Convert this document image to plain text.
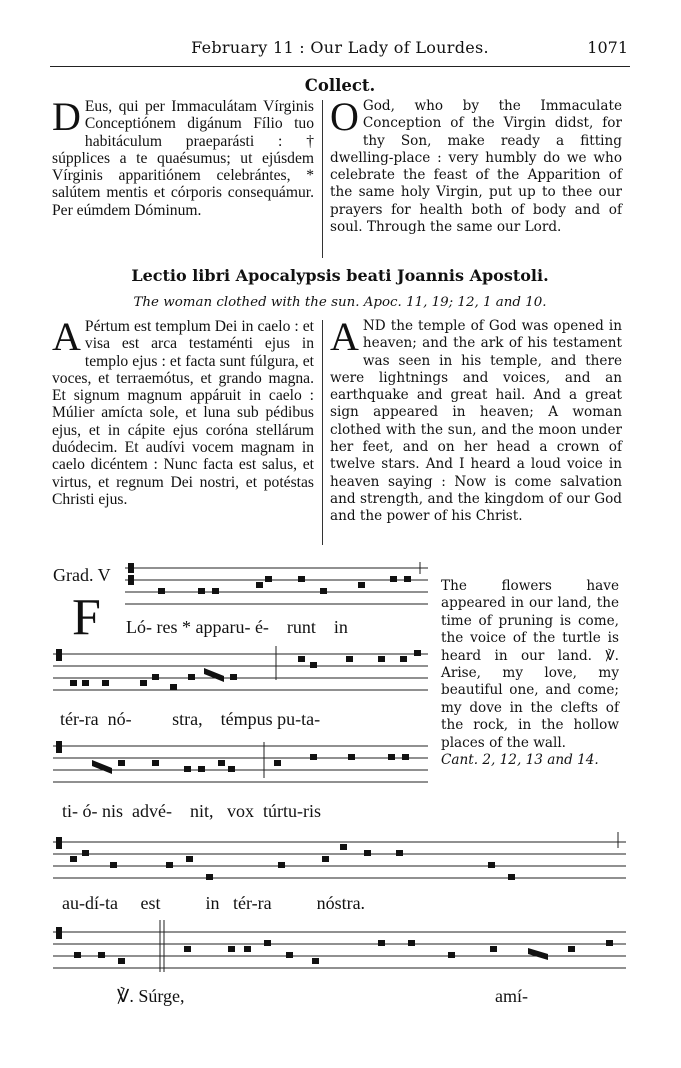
February 11 : Our Lady of Lourdes.	1071
Collect.
D Eus, qui per Immaculátam Vírginis Conceptiónem digánum Fílio tuo habitáculum praeparásti : † súpplices a te quaésumus; ut ejúsdem Vírginis apparitiónem celebrántes, * salútem mentis et córporis consequámur. Per eúmdem Dóminum.
O God, who by the Immaculate Conception of the Virgin didst, for thy Son, make ready a fitting dwelling-place : very humbly do we who celebrate the feast of the Apparition of the same holy Virgin, put up to thee our prayers for health both of body and of soul. Through the same our Lord.
Lectio libri Apocalypsis beati Joannis Apostoli.
The woman clothed with the sun. Apoc. 11, 19; 12, 1 and 10.
A Pértum est templum Dei in caelo : et visa est arca testaménti ejus in templo ejus : et facta sunt fúlgura, et voces, et terraemótus, et grando magna. Et signum magnum appáruit in caelo : Múlier amícta sole, et luna sub pédibus ejus, et in cápite ejus coróna stellárum duódecim. Et audívi vocem magnam in caelo dicéntem : Nunc facta est salus, et virtus, et regnum Dei nostri, et potéstas Christi ejus.
AND the temple of God was opened in heaven; and the ark of his testament was seen in his temple, and there were lightnings and voices, and an earthquake and great hail. And a great sign appeared in heaven; A woman clothed with the sun, and the moon under her feet, and on her head a crown of twelve stars. And I heard a loud voice in heaven saying : Now is come salvation and strength, and the kingdom of our God and the power of his Christ.
Grad. V
F Ló- res * apparu- é-    runt    in
tér-ra  nó-         stra,    témpus pu-ta-
ti- ó- nis  advé-    nit,   vox  túrtu-ris
au-dí-ta     est          in   tér-ra          nóstra.
℣. Súrge,	amí-
The flowers have appeared in our land, the time of pruning is come, the voice of the turtle is heard in our land. ℣. Arise, my love, my beautiful one, and come; my dove in the clefts of the rock, in the hollow places of the wall.
Cant. 2, 12, 13 and 14.
